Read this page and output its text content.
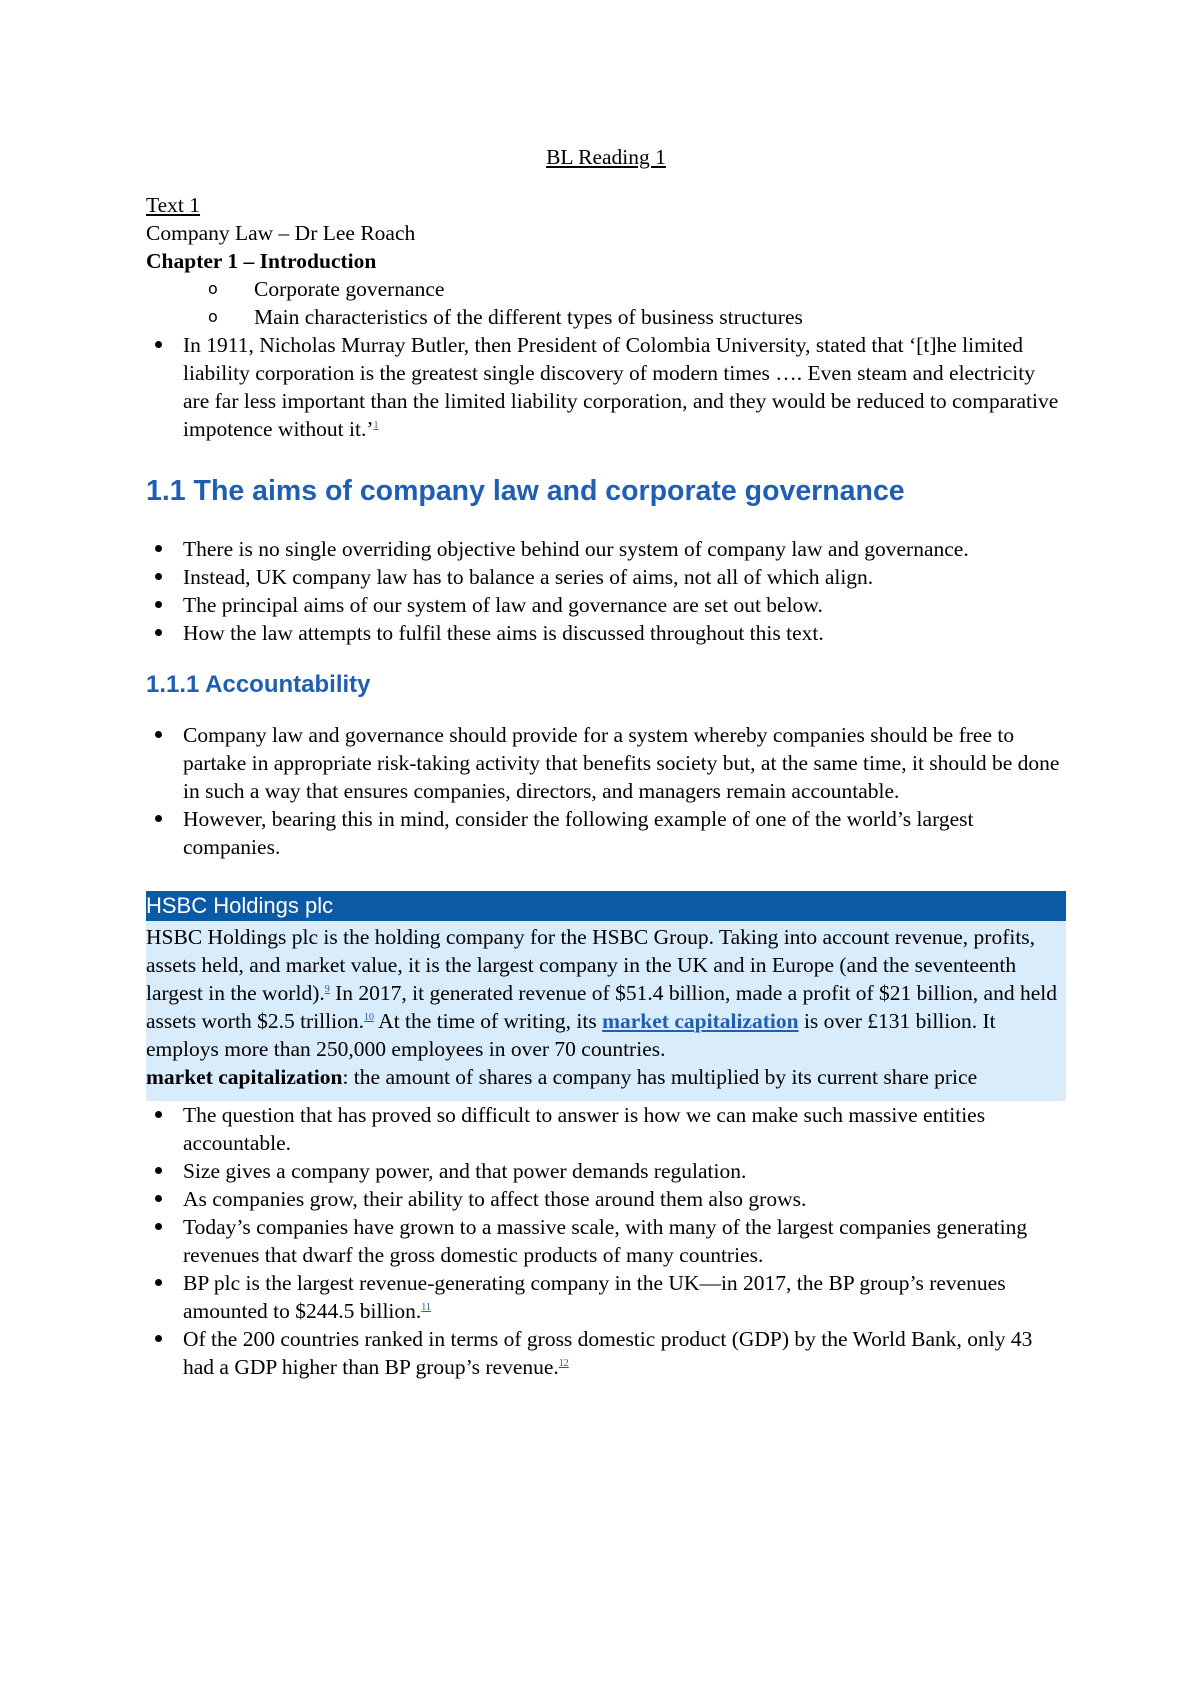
BL Reading 1

Text 1

Company Law – Dr Lee Roach

Chapter 1 – Introduction

o Corporate governance
o Main characteristics of the different types of business structures
In 1911, Nicholas Murray Butler, then President of Colombia University, stated that ‘[t]he limited liability corporation is the greatest single discovery of modern times …. Even steam and electricity are far less important than the limited liability corporation, and they would be reduced to comparative impotence without it.’$^1$
1.1 The aims of company law and corporate governance
There is no single overriding objective behind our system of company law and governance.
Instead, UK company law has to balance a series of aims, not all of which align.
The principal aims of our system of law and governance are set out below.
How the law attempts to fulfil these aims is discussed throughout this text.
1.1.1 Accountability
Company law and governance should provide for a system whereby companies should be free to partake in appropriate risk-taking activity that benefits society but, at the same time, it should be done in such a way that ensures companies, directors, and managers remain accountable.
However, bearing this in mind, consider the following example of one of the world’s largest companies.
HSBC Holdings plc
HSBC Holdings plc is the holding company for the HSBC Group. Taking into account revenue, profits, assets held, and market value, it is the largest company in the UK and in Europe (and the seventeenth largest in the world).$^9$ In 2017, it generated revenue of $51.4 billion, made a profit of $21 billion, and held assets worth $2.5 trillion.$^{10}$ At the time of writing, its market capitalization is over £131 billion. It employs more than 250,000 employees in over 70 countries.
market capitalization: the amount of shares a company has multiplied by its current share price
The question that has proved so difficult to answer is how we can make such massive entities accountable.
Size gives a company power, and that power demands regulation.
As companies grow, their ability to affect those around them also grows.
Today’s companies have grown to a massive scale, with many of the largest companies generating revenues that dwarf the gross domestic products of many countries.
BP plc is the largest revenue-generating company in the UK—in 2017, the BP group’s revenues amounted to $244.5 billion.$^{11}$
Of the 200 countries ranked in terms of gross domestic product (GDP) by the World Bank, only 43 had a GDP higher than BP group’s revenue.$^{12}$
